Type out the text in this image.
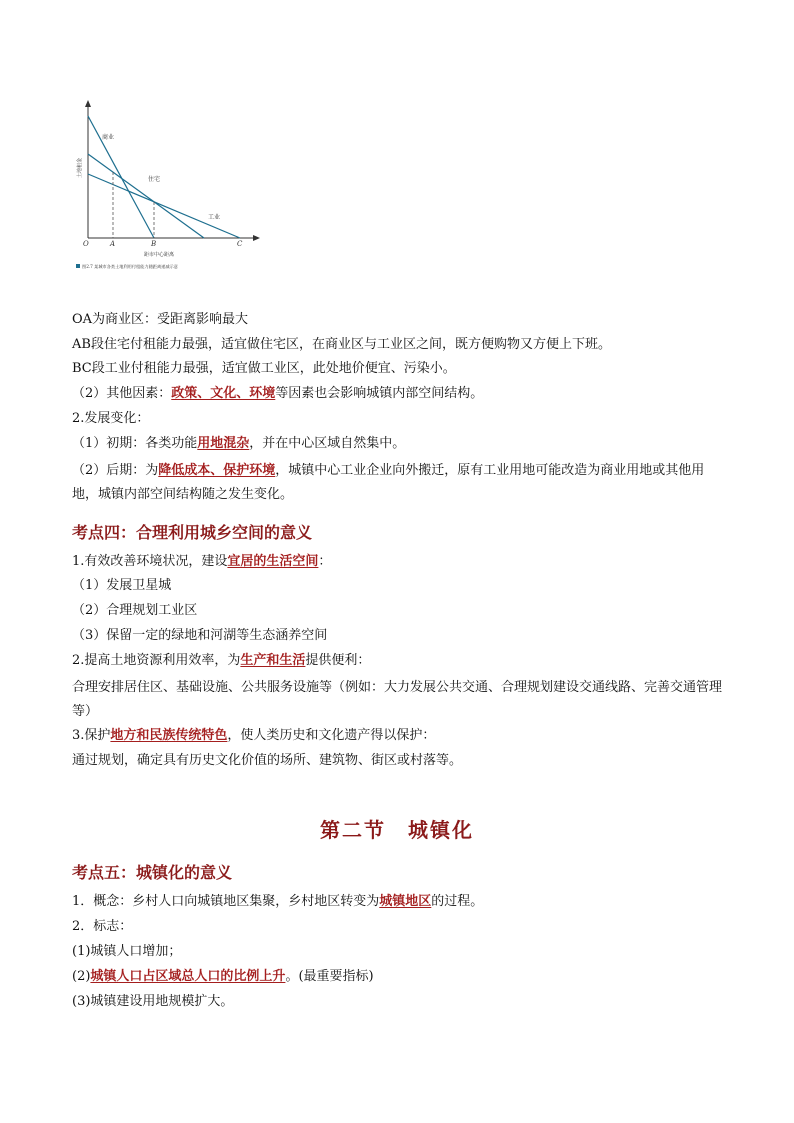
O	A	B	C
商业
住宅
工业
土地租金
距市中心距离
图2.7 某城市各类土地利用付租能力随距离递减示意
OA为商业区：受距离影响最大
AB段住宅付租能力最强，适宜做住宅区，在商业区与工业区之间，既方便购物又方便上下班。
BC段工业付租能力最强，适宜做工业区，此处地价便宜、污染小。
（2）其他因素：政策、文化、环境等因素也会影响城镇内部空间结构。
2.发展变化：
（1）初期：各类功能用地混杂，并在中心区域自然集中。
（2）后期：为降低成本、保护环境，城镇中心工业企业向外搬迁，原有工业用地可能改造为商业用地或其他用地，城镇内部空间结构随之发生变化。
考点四：合理利用城乡空间的意义
1.有效改善环境状况，建设宜居的生活空间：
（1）发展卫星城
（2）合理规划工业区
（3）保留一定的绿地和河湖等生态涵养空间
2.提高土地资源利用效率，为生产和生活提供便利：
合理安排居住区、基础设施、公共服务设施等（例如：大力发展公共交通、合理规划建设交通线路、完善交通管理等）
3.保护地方和民族传统特色，使人类历史和文化遗产得以保护：
通过规划，确定具有历史文化价值的场所、建筑物、街区或村落等。
第二节　城镇化
考点五：城镇化的意义
1．概念：乡村人口向城镇地区集聚，乡村地区转变为城镇地区的过程。
2．标志：
(1)城镇人口增加；
(2)城镇人口占区域总人口的比例上升。(最重要指标)
(3)城镇建设用地规模扩大。
